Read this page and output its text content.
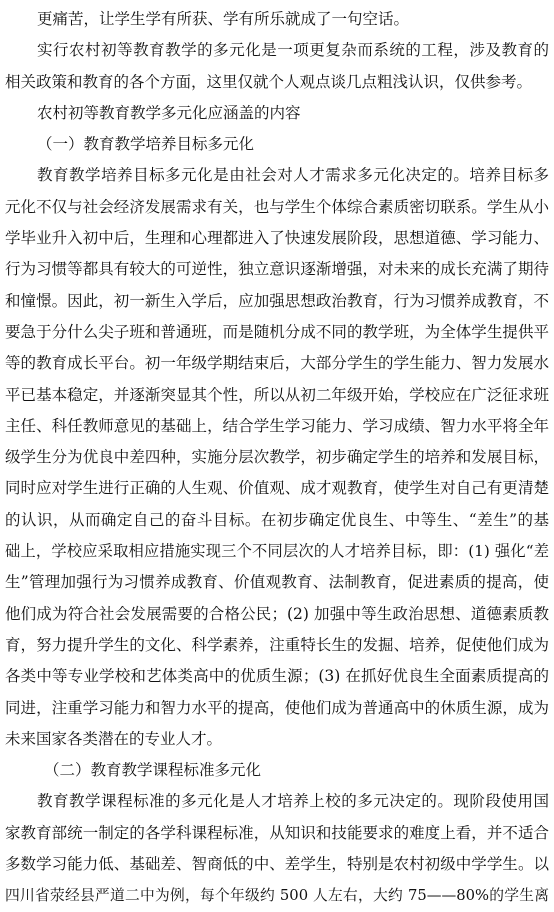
更痛苦，让学生学有所获、学有所乐就成了一句空话。
实行农村初等教育教学的多元化是一项更复杂而系统的工程，涉及教育的
相关政策和教育的各个方面，这里仅就个人观点谈几点粗浅认识，仅供参考。
农村初等教育教学多元化应涵盖的内容
（一）教育教学培养目标多元化
教育教学培养目标多元化是由社会对人才需求多元化决定的。培养目标多
元化不仅与社会经济发展需求有关，也与学生个体综合素质密切联系。学生从小
学毕业升入初中后，生理和心理都进入了快速发展阶段，思想道德、学习能力、
行为习惯等都具有较大的可逆性，独立意识逐渐增强，对未来的成长充满了期待
和憧憬。因此，初一新生入学后，应加强思想政治教育，行为习惯养成教育，不
要急于分什么尖子班和普通班，而是随机分成不同的教学班，为全体学生提供平
等的教育成长平台。初一年级学期结束后，大部分学生的学生能力、智力发展水
平已基本稳定，并逐渐突显其个性，所以从初二年级开始，学校应在广泛征求班
主任、科任教师意见的基础上，结合学生学习能力、学习成绩、智力水平将全年
级学生分为优良中差四种，实施分层次教学，初步确定学生的培养和发展目标，
同时应对学生进行正确的人生观、价值观、成才观教育，使学生对自己有更清楚
的认识，从而确定自己的奋斗目标。在初步确定优良生、中等生、“差生”的基
础上，学校应采取相应措施实现三个不同层次的人才培养目标，即：(1) 强化“差
生”管理加强行为习惯养成教育、价值观教育、法制教育，促进素质的提高，使
他们成为符合社会发展需要的合格公民；(2) 加强中等生政治思想、道德素质教
育，努力提升学生的文化、科学素养，注重特长生的发掘、培养，促使他们成为
各类中等专业学校和艺体类高中的优质生源；(3) 在抓好优良生全面素质提高的
同进，注重学习能力和智力水平的提高，使他们成为普通高中的休质生源，成为
未来国家各类潜在的专业人才。
（二）教育教学课程标准多元化
教育教学课程标准的多元化是人才培养上校的多元决定的。现阶段使用国
家教育部统一制定的各学科课程标准，从知识和技能要求的难度上看，并不适合
多数学习能力低、基础差、智商低的中、差学生，特别是农村初级中学学生。以
四川省荥经县严道二中为例，每个年级约 500 人左右，大约 75——80%的学生离
